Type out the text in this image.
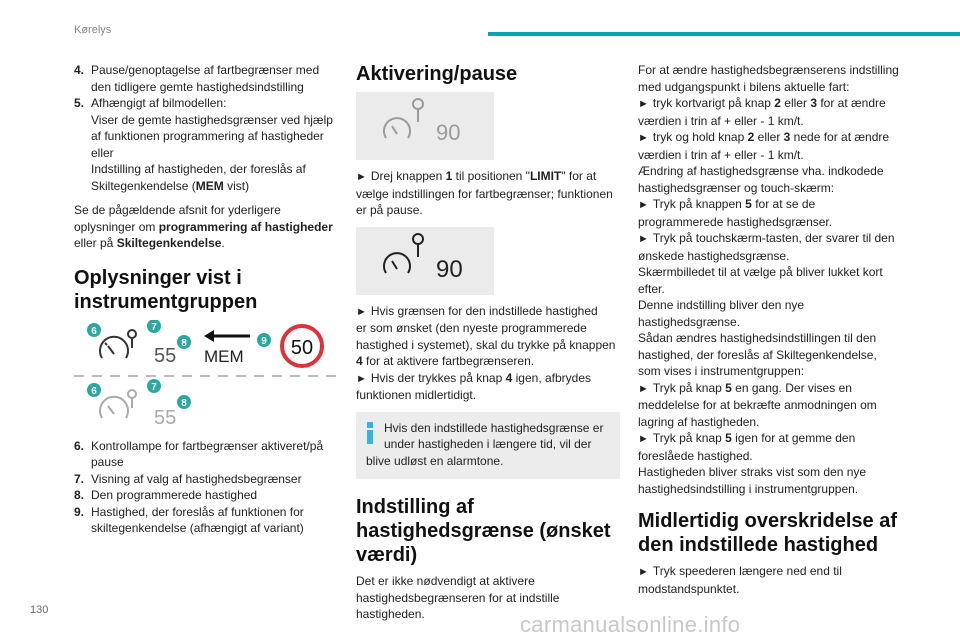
Kørelys
4. Pause/genoptagelse af fartbegrænser med
den tidligere gemte hastighedsindstilling
5. Afhængigt af bilmodellen:
Viser de gemte hastighedsgrænser ved hjælp
af funktionen programmering af hastigheder
eller
Indstilling af hastigheden, der foreslås af
Skiltegenkendelse (MEM vist)
Se de pågældende afsnit for yderligere
oplysninger om programmering af hastigheder
eller på Skiltegenkendelse.
Oplysninger vist i
instrumentgruppen
6	7
8
55 MEM
9 50
6	7
8
55
6. Kontrollampe for fartbegrænser aktiveret/på
pause
7. Visning af valg af hastighedsbegrænser
8. Den programmerede hastighed
9. Hastighed, der foreslås af funktionen for
skiltegenkendelse (afhængigt af variant)
Aktivering/pause
90
► Drej knappen 1 til positionen "LIMIT" for at
vælge indstillingen for fartbegrænser; funktionen
er på pause.
90
► Hvis grænsen for den indstillede hastighed
er som ønsket (den nyeste programmerede
hastighed i systemet), skal du trykke på knappen
4 for at aktivere fartbegrænseren.
► Hvis der trykkes på knap 4 igen, afbrydes
funktionen midlertidigt.
Hvis den indstillede hastighedsgrænse er
under hastigheden i længere tid, vil der
blive udløst en alarmtone.
Indstilling af
hastighedsgrænse (ønsket
værdi)
Det er ikke nødvendigt at aktivere
hastighedsbegrænseren for at indstille
hastigheden.
For at ændre hastighedsbegrænserens indstilling
med udgangspunkt i bilens aktuelle fart:
► tryk kortvarigt på knap 2 eller 3 for at ændre
værdien i trin af + eller - 1 km/t.
► tryk og hold knap 2 eller 3 nede for at ændre
værdien i trin af + eller - 1 km/t.
Ændring af hastighedsgrænse vha. indkodede
hastighedsgrænser og touch-skærm:
► Tryk på knappen 5 for at se de
programmerede hastighedsgrænser.
► Tryk på touchskærm-tasten, der svarer til den
ønskede hastighedsgrænse.
Skærmbilledet til at vælge på bliver lukket kort
efter.
Denne indstilling bliver den nye
hastighedsgrænse.
Sådan ændres hastighedsindstillingen til den
hastighed, der foreslås af Skiltegenkendelse,
som vises i instrumentgruppen:
► Tryk på knap 5 en gang. Der vises en
meddelelse for at bekræfte anmodningen om
lagring af hastigheden.
► Tryk på knap 5 igen for at gemme den
foreslåede hastighed.
Hastigheden bliver straks vist som den nye
hastighedsindstilling i instrumentgruppen.
Midlertidig overskridelse af
den indstillede hastighed
► Tryk speederen længere ned end til
modstandspunktet.
130
carmanualsonline.info
